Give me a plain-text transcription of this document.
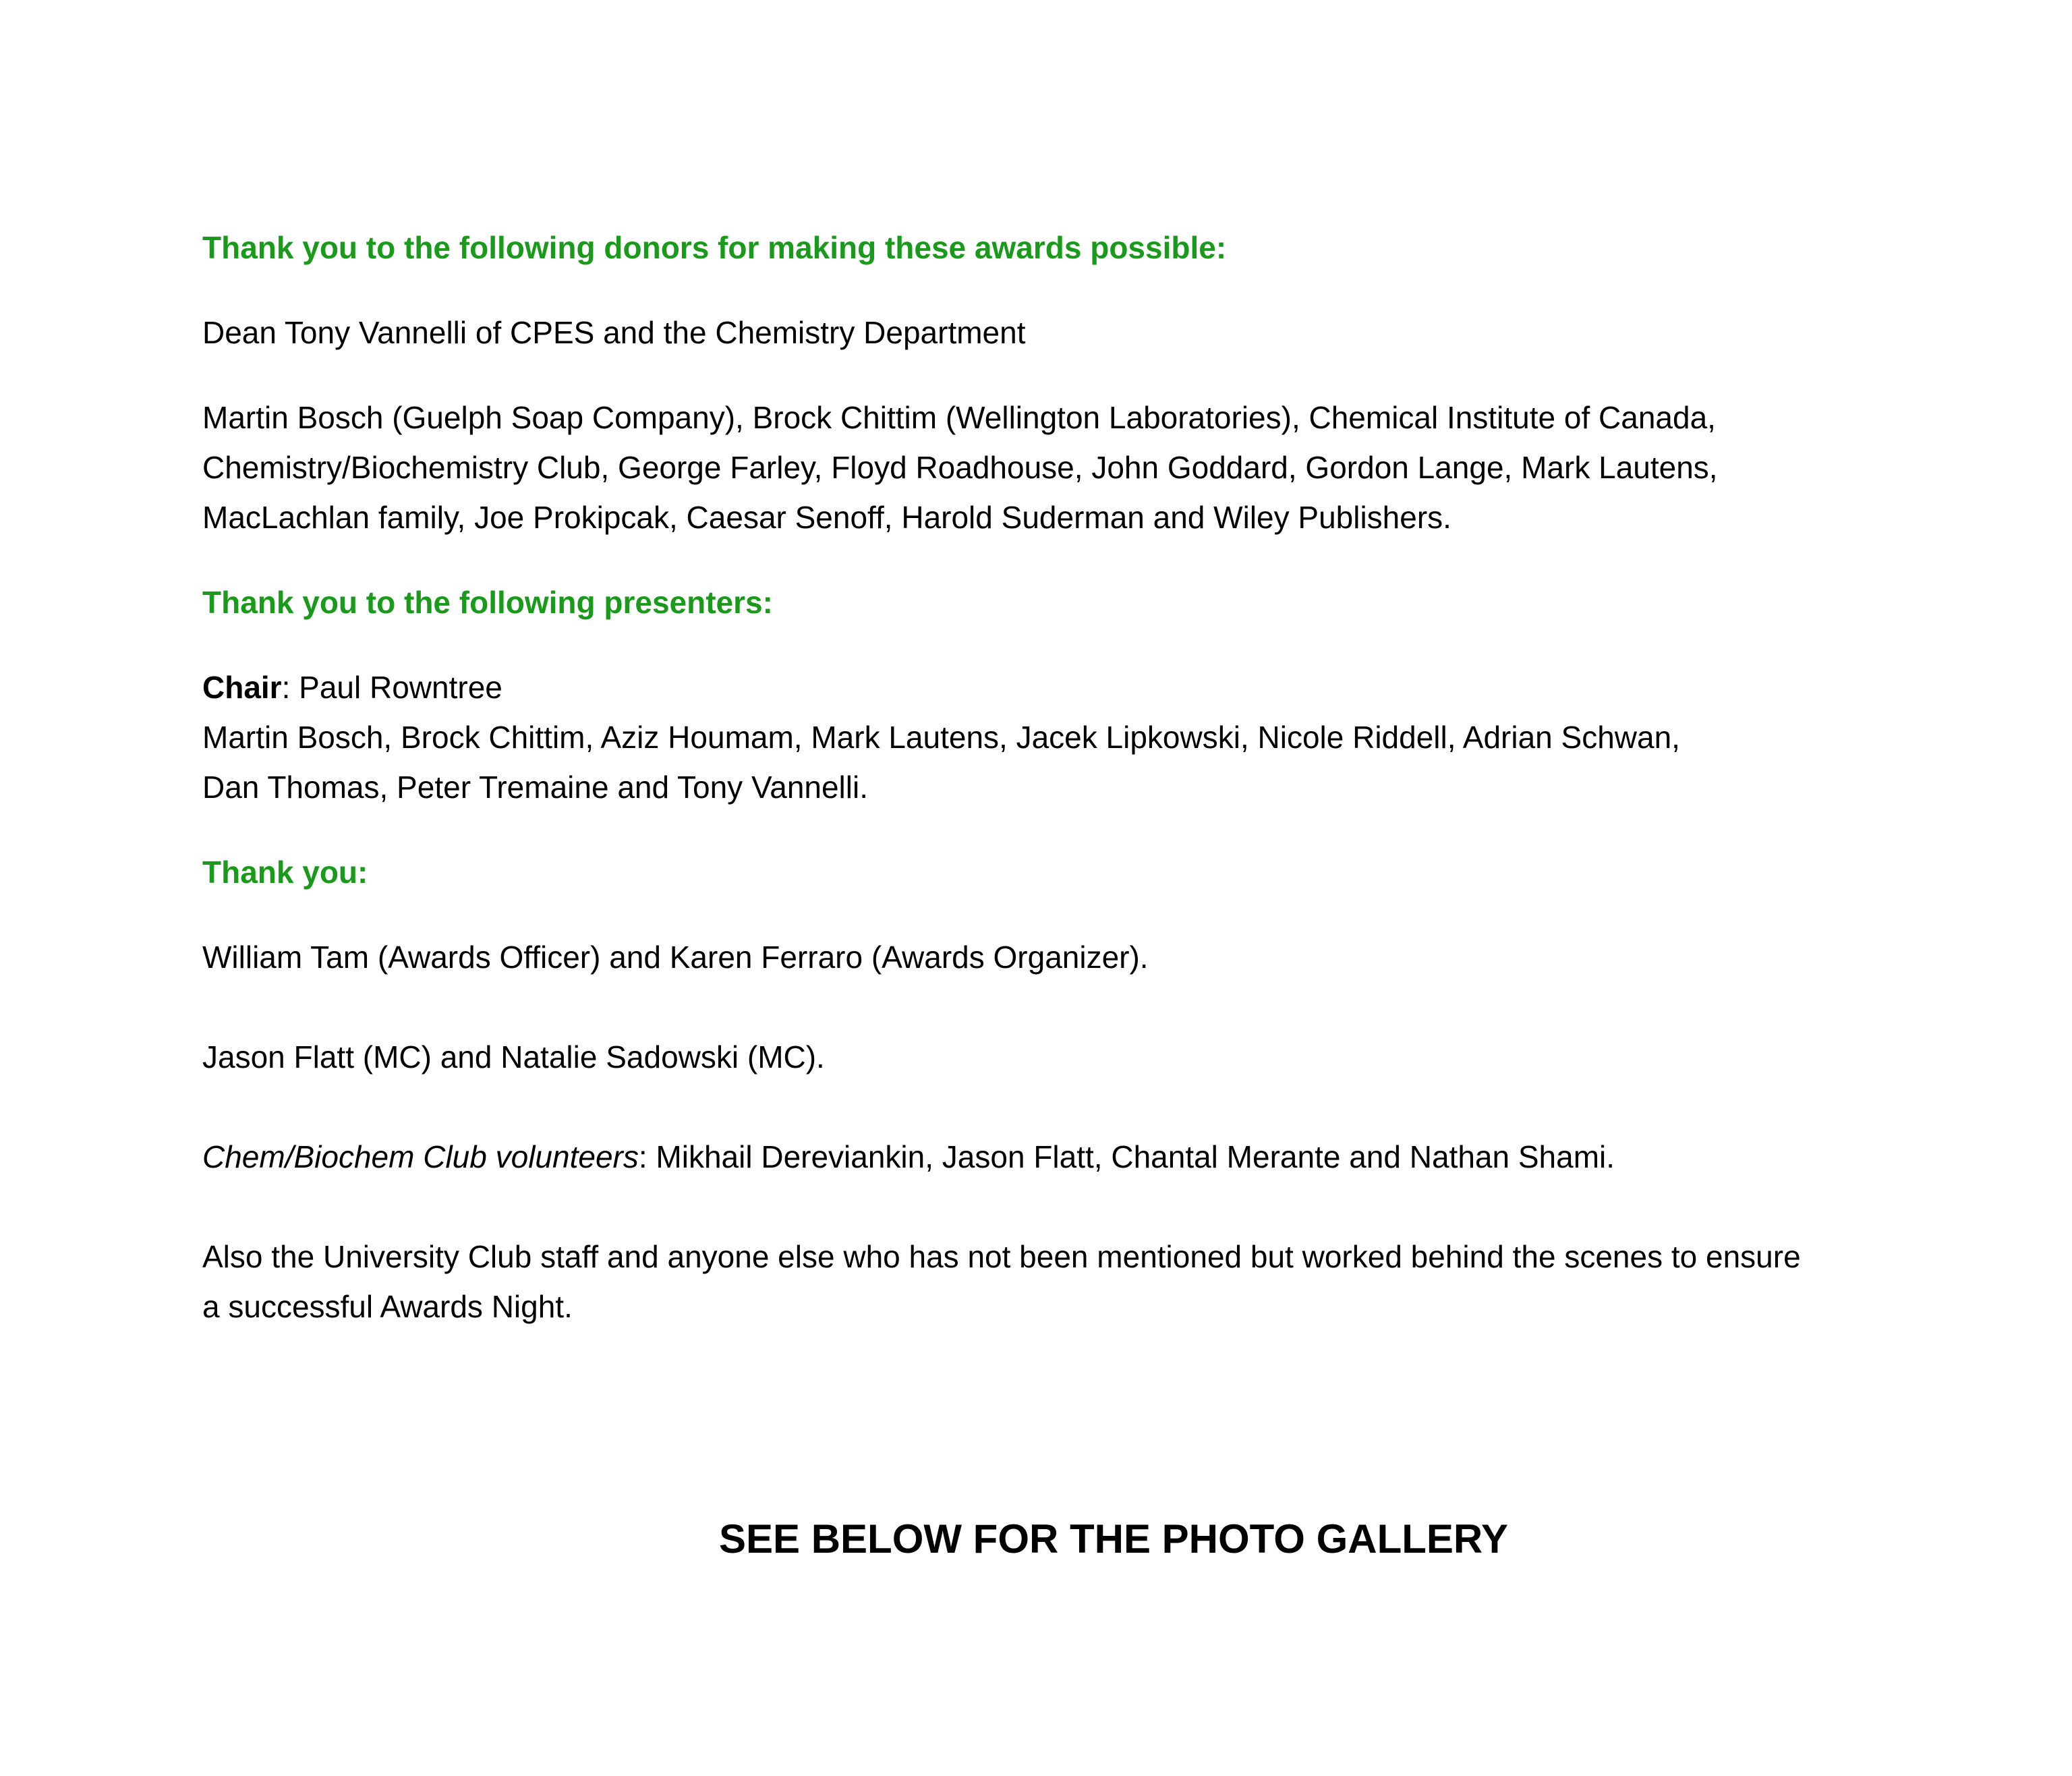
Thank you to the following donors for making these awards possible:

Dean Tony Vannelli of CPES and the Chemistry Department

Martin Bosch (Guelph Soap Company), Brock Chittim (Wellington Laboratories), Chemical Institute of Canada,

Chemistry/Biochemistry Club, George Farley, Floyd Roadhouse, John Goddard, Gordon Lange, Mark Lautens,

MacLachlan family, Joe Prokipcak, Caesar Senoff, Harold Suderman and Wiley Publishers.

Thank you to the following presenters:

Chair: Paul Rowntree

Martin Bosch, Brock Chittim, Aziz Houmam, Mark Lautens, Jacek Lipkowski, Nicole Riddell, Adrian Schwan,

Dan Thomas, Peter Tremaine and Tony Vannelli.

Thank you:

William Tam (Awards Officer) and Karen Ferraro (Awards Organizer).

Jason Flatt (MC) and Natalie Sadowski (MC).

Chem/Biochem Club volunteers: Mikhail Dereviankin, Jason Flatt, Chantal Merante and Nathan Shami.

Also the University Club staff and anyone else who has not been mentioned but worked behind the scenes to ensure

a successful Awards Night.

SEE BELOW FOR THE PHOTO GALLERY
